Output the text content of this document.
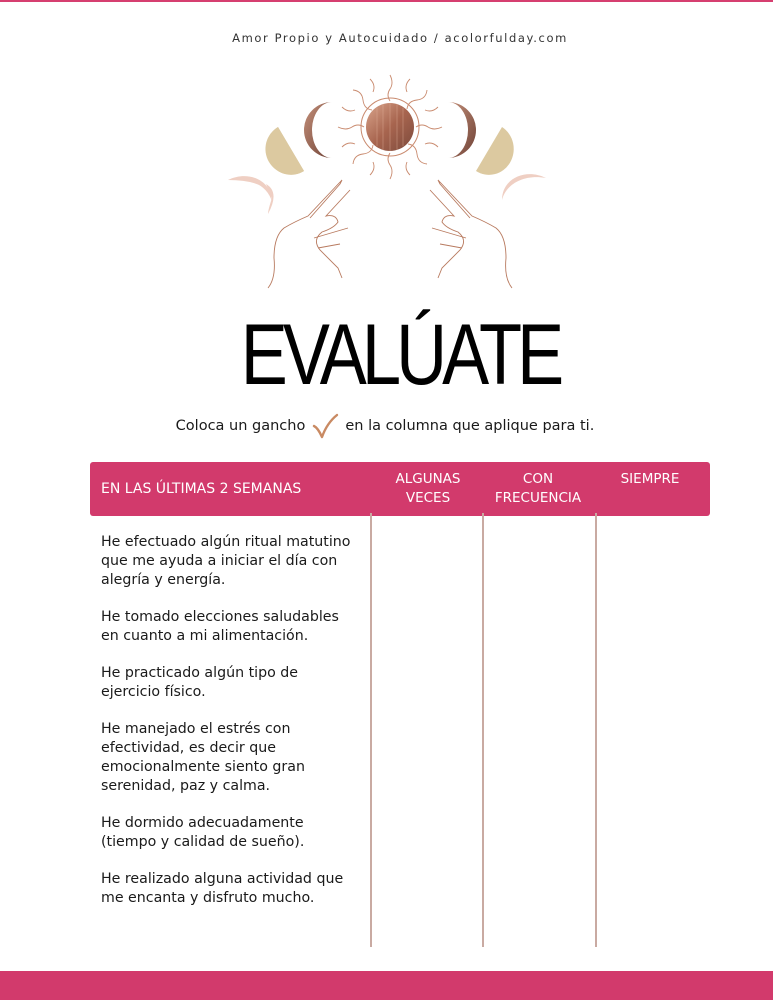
Amor Propio y Autocuidado / acolorfulday.com
EVALÚATE
Coloca un gancho	en la columna que aplique para ti.
EN LAS ÚLTIMAS 2 SEMANAS
ALGUNAS
VECES
CON
FRECUENCIA
SIEMPRE

He efectuado algún ritual matutino que me ayuda a iniciar el día con alegría y energía.

He tomado elecciones saludables en cuanto a mi alimentación.

He practicado algún tipo de ejercicio físico.

He manejado el estrés con efectividad, es decir que emocionalmente siento gran serenidad, paz y calma.

He dormido adecuadamente (tiempo y calidad de sueño).

He realizado alguna actividad que me encanta y disfruto mucho.
